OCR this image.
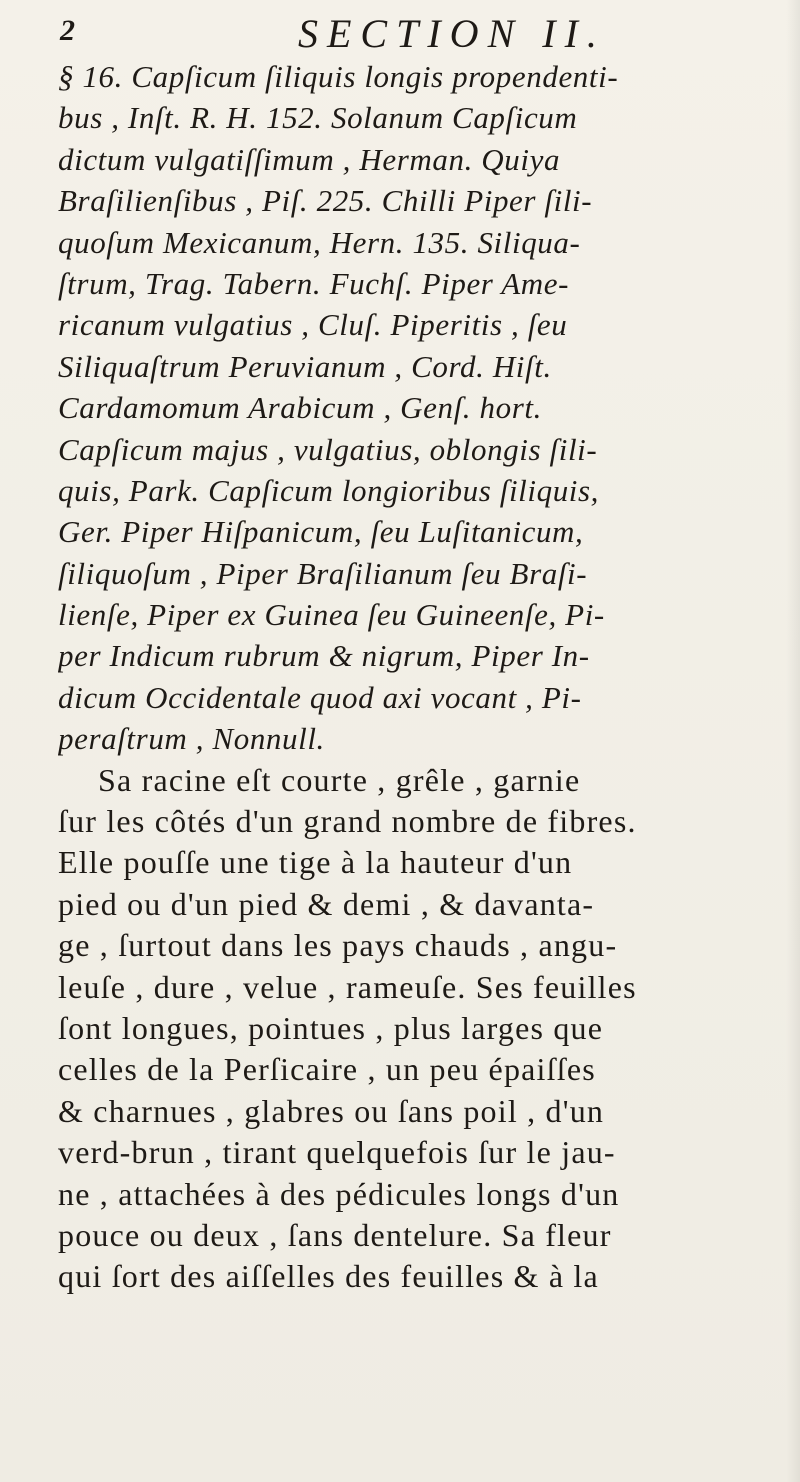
2	SECTION II.
§ 16. Capſicum ſiliquis longis propendenti-
bus , Inſt. R. H. 152. Solanum Capſicum
dictum vulgatiſſimum , Herman. Quiya
Braſilienſibus , Piſ. 225. Chilli Piper ſili-
quoſum Mexicanum, Hern. 135. Siliqua-
ſtrum, Trag. Tabern. Fuchſ. Piper Ame-
ricanum vulgatius , Cluſ. Piperitis , ſeu
Siliquaſtrum Peruvianum , Cord. Hiſt.
Cardamomum Arabicum , Genſ. hort.
Capſicum majus , vulgatius, oblongis ſili-
quis, Park. Capſicum longioribus ſiliquis,
Ger. Piper Hiſpanicum, ſeu Luſitanicum,
ſiliquoſum , Piper Braſilianum ſeu Braſi-
lienſe, Piper ex Guinea ſeu Guineenſe, Pi-
per Indicum rubrum & nigrum, Piper In-
dicum Occidentale quod axi vocant , Pi-
peraſtrum , Nonnull.
Sa racine eſt courte , grêle , garnie
ſur les côtés d'un grand nombre de fibres.
Elle pouſſe une tige à la hauteur d'un
pied ou d'un pied & demi , & davanta-
ge , ſurtout dans les pays chauds , angu-
leuſe , dure , velue , rameuſe. Ses feuilles
ſont longues, pointues , plus larges que
celles de la Perſicaire , un peu épaiſſes
& charnues , glabres ou ſans poil , d'un
verd-brun , tirant quelquefois ſur le jau-
ne , attachées à des pédicules longs d'un
pouce ou deux , ſans dentelure. Sa fleur
qui ſort des aiſſelles des feuilles & à la
